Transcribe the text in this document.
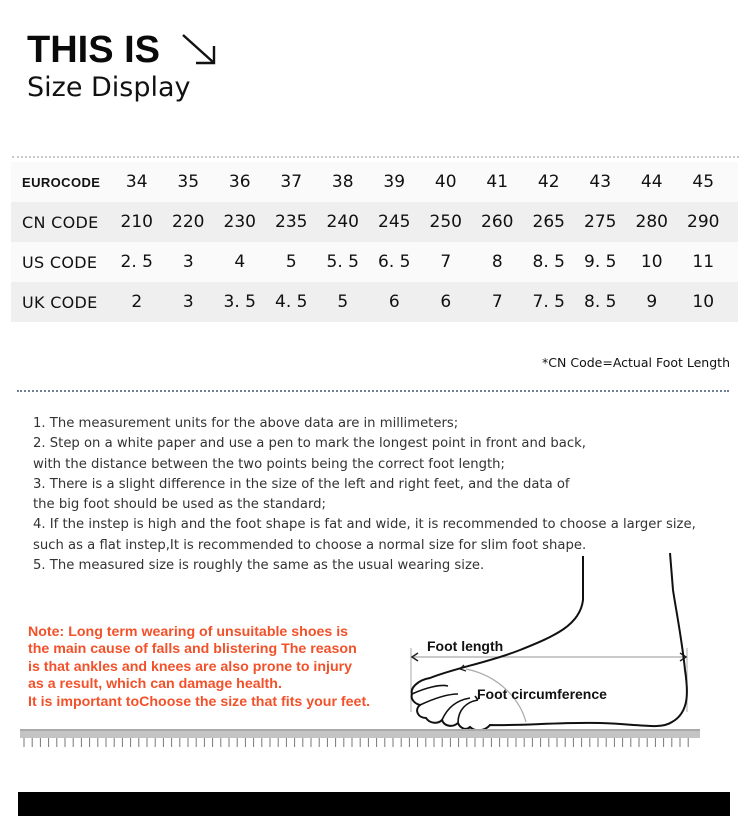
THIS IS
Size Display
EUROCODE	34	35	36	37	38	39	40	41	42	43	44	45
CN CODE	210	220	230	235	240	245	250	260	265	275	280	290
US CODE	2. 5	3	4	5	5. 5	6. 5	7	8	8. 5	9. 5	10	11
UK CODE	2	3	3. 5	4. 5	5	6	6	7	7. 5	8. 5	9	10
*CN Code=Actual Foot Length
1. The measurement units for the above data are in millimeters;
2. Step on a white paper and use a pen to mark the longest point in front and back,
with the distance between the two points being the correct foot length;
3. There is a slight difference in the size of the left and right feet, and the data of
the big foot should be used as the standard;
4. If the instep is high and the foot shape is fat and wide, it is recommended to choose a larger size,
such as a flat instep,It is recommended to choose a normal size for slim foot shape.
5. The measured size is roughly the same as the usual wearing size.
Note: Long term wearing of unsuitable shoes is
the main cause of falls and blistering The reason
is that ankles and knees are also prone to injury
as a result, which can damage health.
It is important toChoose the size that fits your feet.
Foot length
Foot circumference
